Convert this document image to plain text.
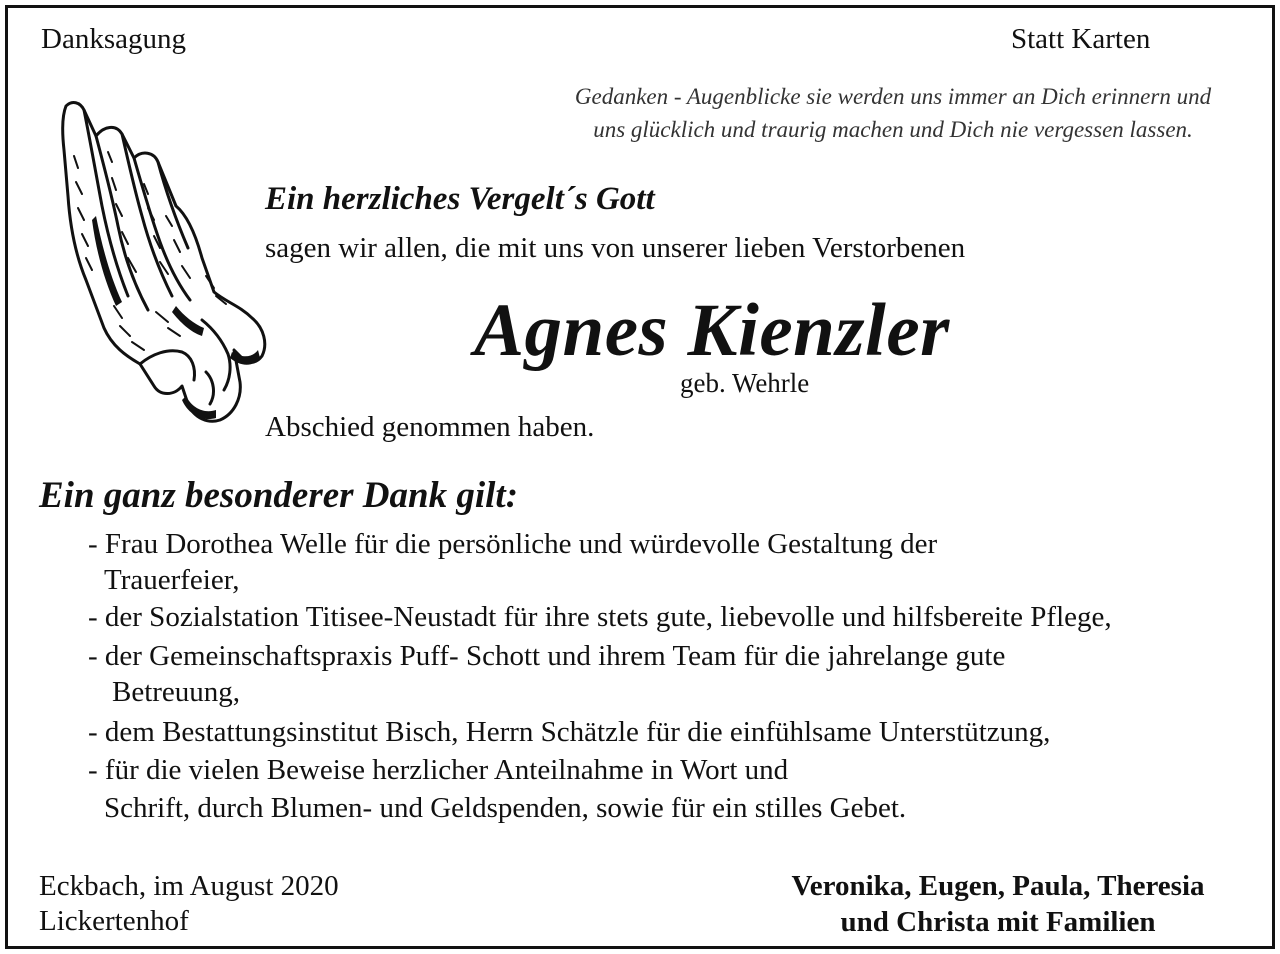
Danksagung	Statt Karten
Gedanken - Augenblicke sie werden uns immer an Dich erinnern und
uns glücklich und traurig machen und Dich nie vergessen lassen.
Ein herzliches Vergelt´s Gott
sagen wir allen, die mit uns von unserer lieben Verstorbenen
Agnes Kienzler
geb. Wehrle
Abschied genommen haben.
Ein ganz besonderer Dank gilt:
- Frau Dorothea Welle für die persönliche und würdevolle Gestaltung der
Trauerfeier,
- der Sozialstation Titisee-Neustadt für ihre stets gute, liebevolle und hilfsbereite Pflege,
- der Gemeinschaftspraxis Puff- Schott und ihrem Team für die jahrelange gute
Betreuung,
- dem Bestattungsinstitut Bisch, Herrn Schätzle für die einfühlsame Unterstützung,
- für die vielen Beweise herzlicher Anteilnahme in Wort und
Schrift, durch Blumen- und Geldspenden, sowie für ein stilles Gebet.
Eckbach, im August 2020
Lickertenhof
Veronika, Eugen, Paula, Theresia
und Christa mit Familien
